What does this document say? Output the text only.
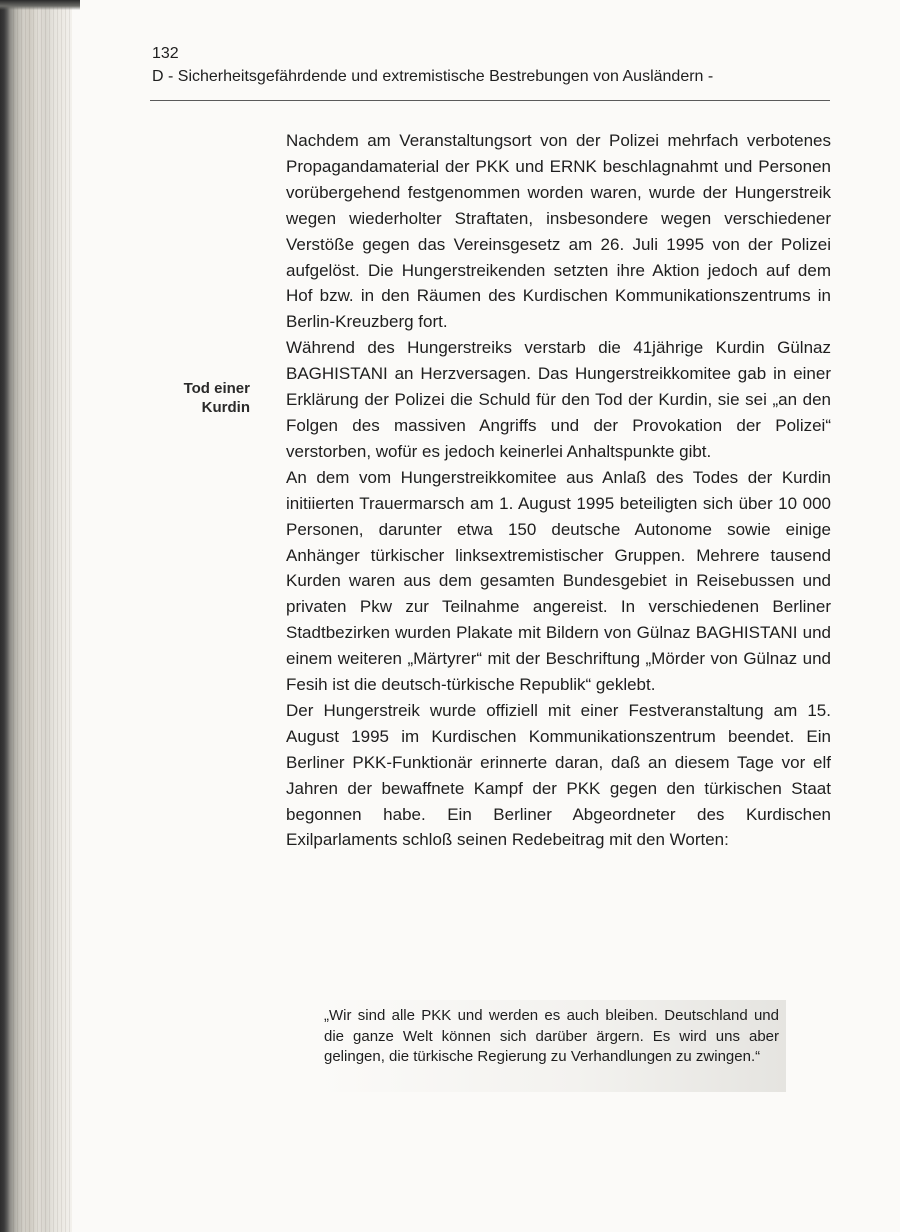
132
D - Sicherheitsgefährdende und extremistische Bestrebungen von Ausländern -
Tod einer
Kurdin

Nachdem am Veranstaltungsort von der Polizei mehrfach verbotenes Propagandamaterial der PKK und ERNK beschlagnahmt und Personen vorübergehend festgenommen worden waren, wurde der Hungerstreik wegen wiederholter Straftaten, insbesondere wegen verschiedener Verstöße gegen das Vereinsgesetz am 26. Juli 1995 von der Polizei aufgelöst. Die Hungerstreikenden setzten ihre Aktion jedoch auf dem Hof bzw. in den Räumen des Kurdischen Kommunikationszentrums in Berlin-Kreuzberg fort.

Während des Hungerstreiks verstarb die 41jährige Kurdin Gülnaz BAGHISTANI an Herzversagen. Das Hungerstreikkomitee gab in einer Erklärung der Polizei die Schuld für den Tod der Kurdin, sie sei „an den Folgen des massiven Angriffs und der Provokation der Polizei“ verstorben, wofür es jedoch keinerlei Anhaltspunkte gibt.

An dem vom Hungerstreikkomitee aus Anlaß des Todes der Kurdin initiierten Trauermarsch am 1. August 1995 beteiligten sich über 10 000 Personen, darunter etwa 150 deutsche Autonome sowie einige Anhänger türkischer linksextremistischer Gruppen. Mehrere tausend Kurden waren aus dem gesamten Bundesgebiet in Reisebussen und privaten Pkw zur Teilnahme angereist. In verschiedenen Berliner Stadtbezirken wurden Plakate mit Bildern von Gülnaz BAGHISTANI und einem weiteren „Märtyrer“ mit der Beschriftung „Mörder von Gülnaz und Fesih ist die deutsch-türkische Republik“ geklebt.

Der Hungerstreik wurde offiziell mit einer Festveranstaltung am 15. August 1995 im Kurdischen Kommunikationszentrum beendet. Ein Berliner PKK-Funktionär erinnerte daran, daß an diesem Tage vor elf Jahren der bewaffnete Kampf der PKK gegen den türkischen Staat begonnen habe. Ein Berliner Abgeordneter des Kurdischen Exilparlaments schloß seinen Redebeitrag mit den Worten:

„Wir sind alle PKK und werden es auch bleiben. Deutschland und die ganze Welt können sich darüber ärgern. Es wird uns aber gelingen, die türkische Regierung zu Verhandlungen zu zwingen.“
